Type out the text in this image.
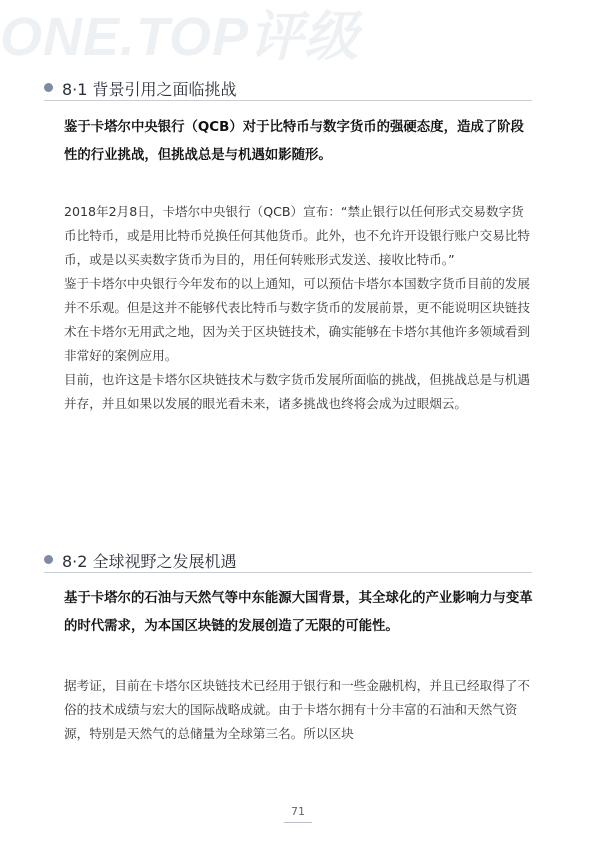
ONE.TOP评级
8·1 背景引用之面临挑战
鉴于卡塔尔中央银行（QCB）对于比特币与数字货币的强硬态度，造成了阶段性的行业挑战，但挑战总是与机遇如影随形。

2018年2月8日，卡塔尔中央银行（QCB）宣布：“禁止银行以任何形式交易数字货币比特币，或是用比特币兑换任何其他货币。此外，也不允许开设银行账户交易比特币，或是以买卖数字货币为目的，用任何转账形式发送、接收比特币。”

鉴于卡塔尔中央银行今年发布的以上通知，可以预估卡塔尔本国数字货币目前的发展并不乐观。但是这并不能够代表比特币与数字货币的发展前景，更不能说明区块链技术在卡塔尔无用武之地，因为关于区块链技术，确实能够在卡塔尔其他许多领域看到非常好的案例应用。

目前，也许这是卡塔尔区块链技术与数字货币发展所面临的挑战，但挑战总是与机遇并存，并且如果以发展的眼光看未来，诸多挑战也终将会成为过眼烟云。

8·2 全球视野之发展机遇
基于卡塔尔的石油与天然气等中东能源大国背景，其全球化的产业影响力与变革的时代需求，为本国区块链的发展创造了无限的可能性。

据考证，目前在卡塔尔区块链技术已经用于银行和一些金融机构，并且已经取得了不俗的技术成绩与宏大的国际战略成就。由于卡塔尔拥有十分丰富的石油和天然气资源，特别是天然气的总储量为全球第三名。所以区块

71
